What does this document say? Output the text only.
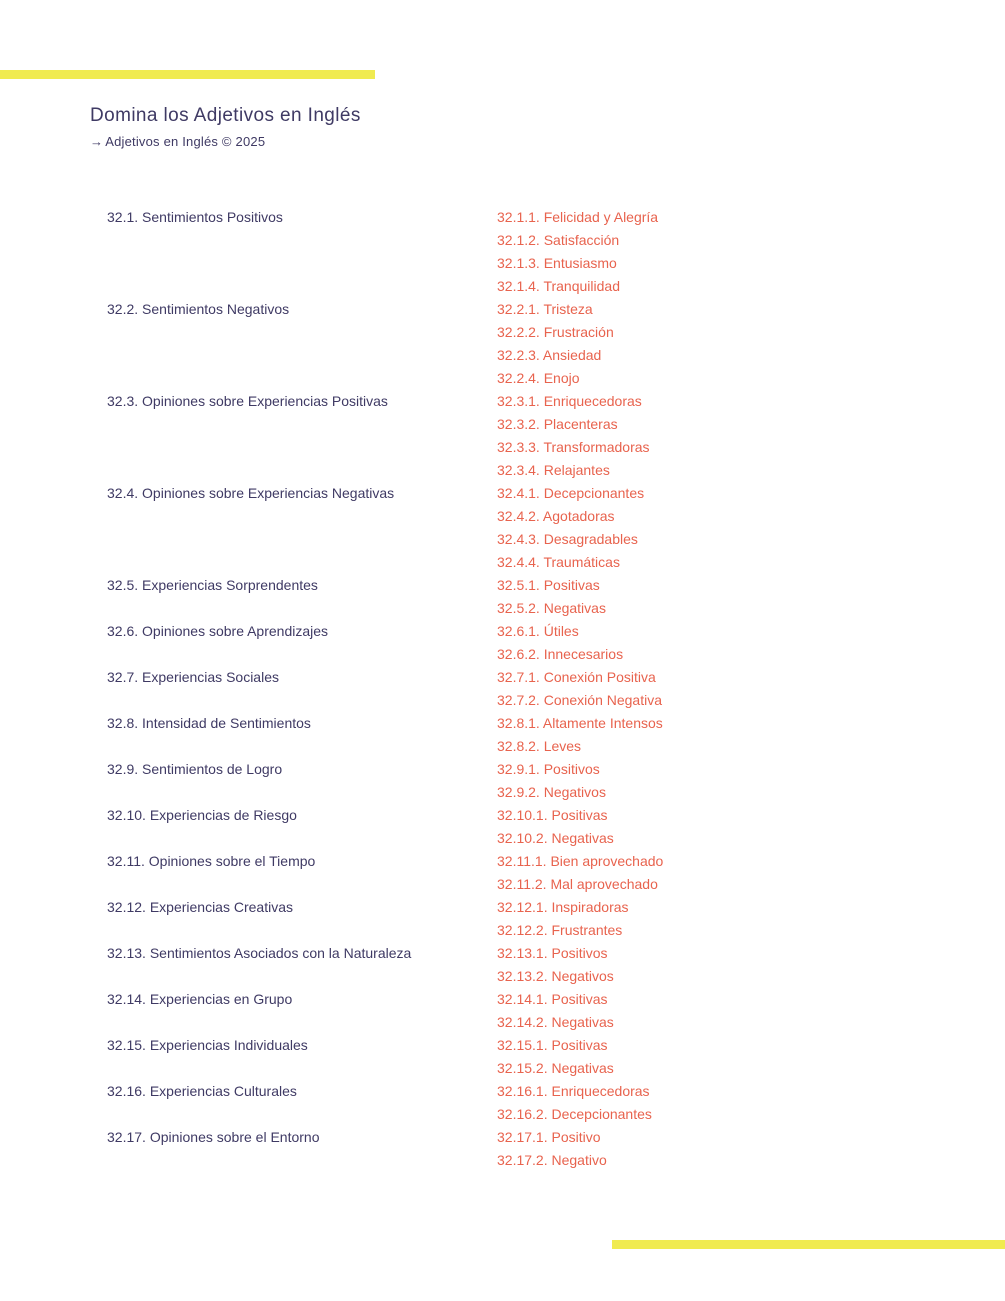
Domina los Adjetivos en Inglés
→ Adjetivos en Inglés © 2025
32.1. Sentimientos Positivos	32.1.1. Felicidad y Alegría
32.1.2. Satisfacción
32.1.3. Entusiasmo
32.1.4. Tranquilidad
32.2. Sentimientos Negativos	32.2.1. Tristeza
32.2.2. Frustración
32.2.3. Ansiedad
32.2.4. Enojo
32.3. Opiniones sobre Experiencias Positivas	32.3.1. Enriquecedoras
32.3.2. Placenteras
32.3.3. Transformadoras
32.3.4. Relajantes
32.4. Opiniones sobre Experiencias Negativas	32.4.1. Decepcionantes
32.4.2. Agotadoras
32.4.3. Desagradables
32.4.4. Traumáticas
32.5. Experiencias Sorprendentes	32.5.1. Positivas
32.5.2. Negativas
32.6. Opiniones sobre Aprendizajes	32.6.1. Útiles
32.6.2. Innecesarios
32.7. Experiencias Sociales	32.7.1. Conexión Positiva
32.7.2. Conexión Negativa
32.8. Intensidad de Sentimientos	32.8.1. Altamente Intensos
32.8.2. Leves
32.9. Sentimientos de Logro	32.9.1. Positivos
32.9.2. Negativos
32.10. Experiencias de Riesgo	32.10.1. Positivas
32.10.2. Negativas
32.11. Opiniones sobre el Tiempo	32.11.1. Bien aprovechado
32.11.2. Mal aprovechado
32.12. Experiencias Creativas	32.12.1. Inspiradoras
32.12.2. Frustrantes
32.13. Sentimientos Asociados con la Naturaleza	32.13.1. Positivos
32.13.2. Negativos
32.14. Experiencias en Grupo	32.14.1. Positivas
32.14.2. Negativas
32.15. Experiencias Individuales	32.15.1. Positivas
32.15.2. Negativas
32.16. Experiencias Culturales	32.16.1. Enriquecedoras
32.16.2. Decepcionantes
32.17. Opiniones sobre el Entorno	32.17.1. Positivo
32.17.2. Negativo
